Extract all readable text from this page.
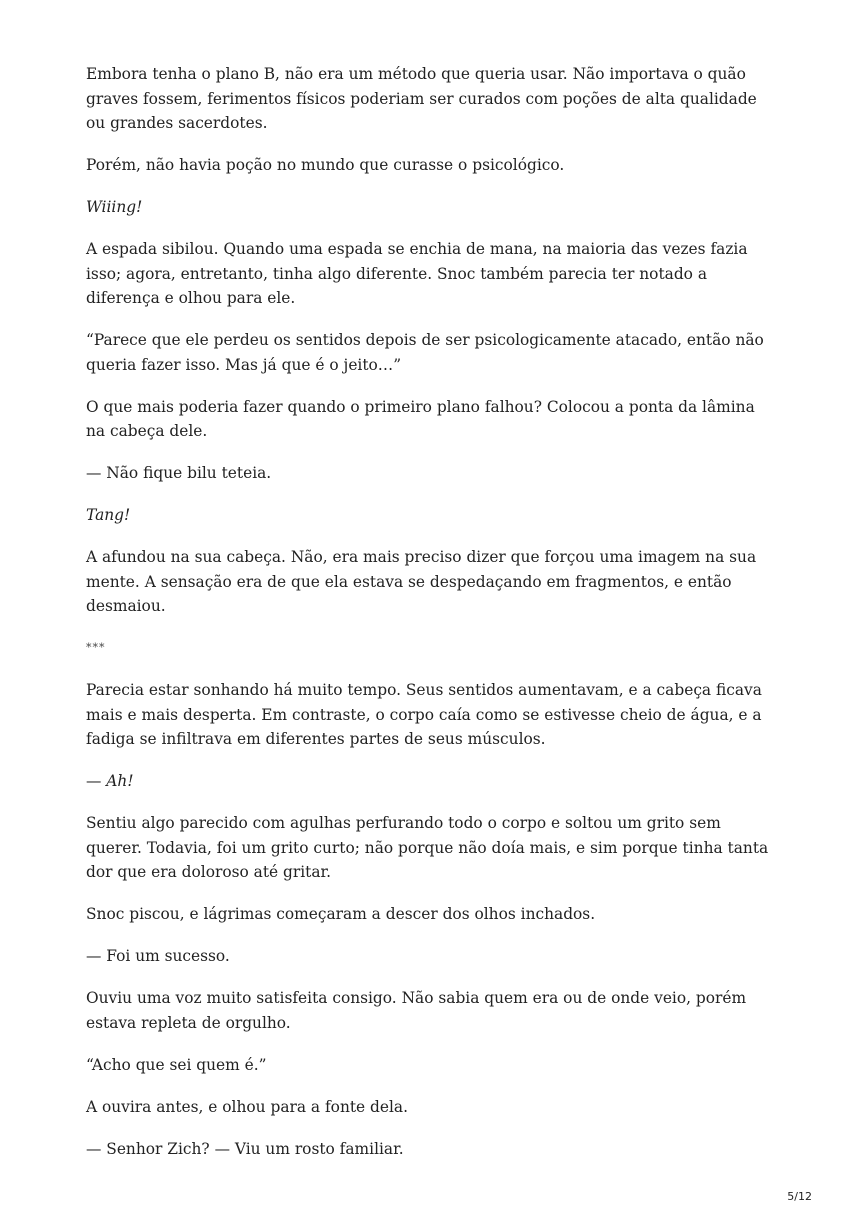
Embora tenha o plano B, não era um método que queria usar. Não importava o quão graves fossem, ferimentos físicos poderiam ser curados com poções de alta qualidade ou grandes sacerdotes.

Porém, não havia poção no mundo que curasse o psicológico.

Wiiing!

A espada sibilou. Quando uma espada se enchia de mana, na maioria das vezes fazia isso; agora, entretanto, tinha algo diferente. Snoc também parecia ter notado a diferença e olhou para ele.

“Parece que ele perdeu os sentidos depois de ser psicologicamente atacado, então não queria fazer isso. Mas já que é o jeito…”

O que mais poderia fazer quando o primeiro plano falhou? Colocou a ponta da lâmina na cabeça dele.

— Não fique bilu teteia.

Tang!

A afundou na sua cabeça. Não, era mais preciso dizer que forçou uma imagem na sua mente. A sensação era de que ela estava se despedaçando em fragmentos, e então desmaiou.

***

Parecia estar sonhando há muito tempo. Seus sentidos aumentavam, e a cabeça ficava mais e mais desperta. Em contraste, o corpo caía como se estivesse cheio de água, e a fadiga se infiltrava em diferentes partes de seus músculos.

— Ah!

Sentiu algo parecido com agulhas perfurando todo o corpo e soltou um grito sem querer. Todavia, foi um grito curto; não porque não doía mais, e sim porque tinha tanta dor que era doloroso até gritar.

Snoc piscou, e lágrimas começaram a descer dos olhos inchados.

— Foi um sucesso.

Ouviu uma voz muito satisfeita consigo. Não sabia quem era ou de onde veio, porém estava repleta de orgulho.

“Acho que sei quem é.”

A ouvira antes, e olhou para a fonte dela.

— Senhor Zich? — Viu um rosto familiar.

5/12
